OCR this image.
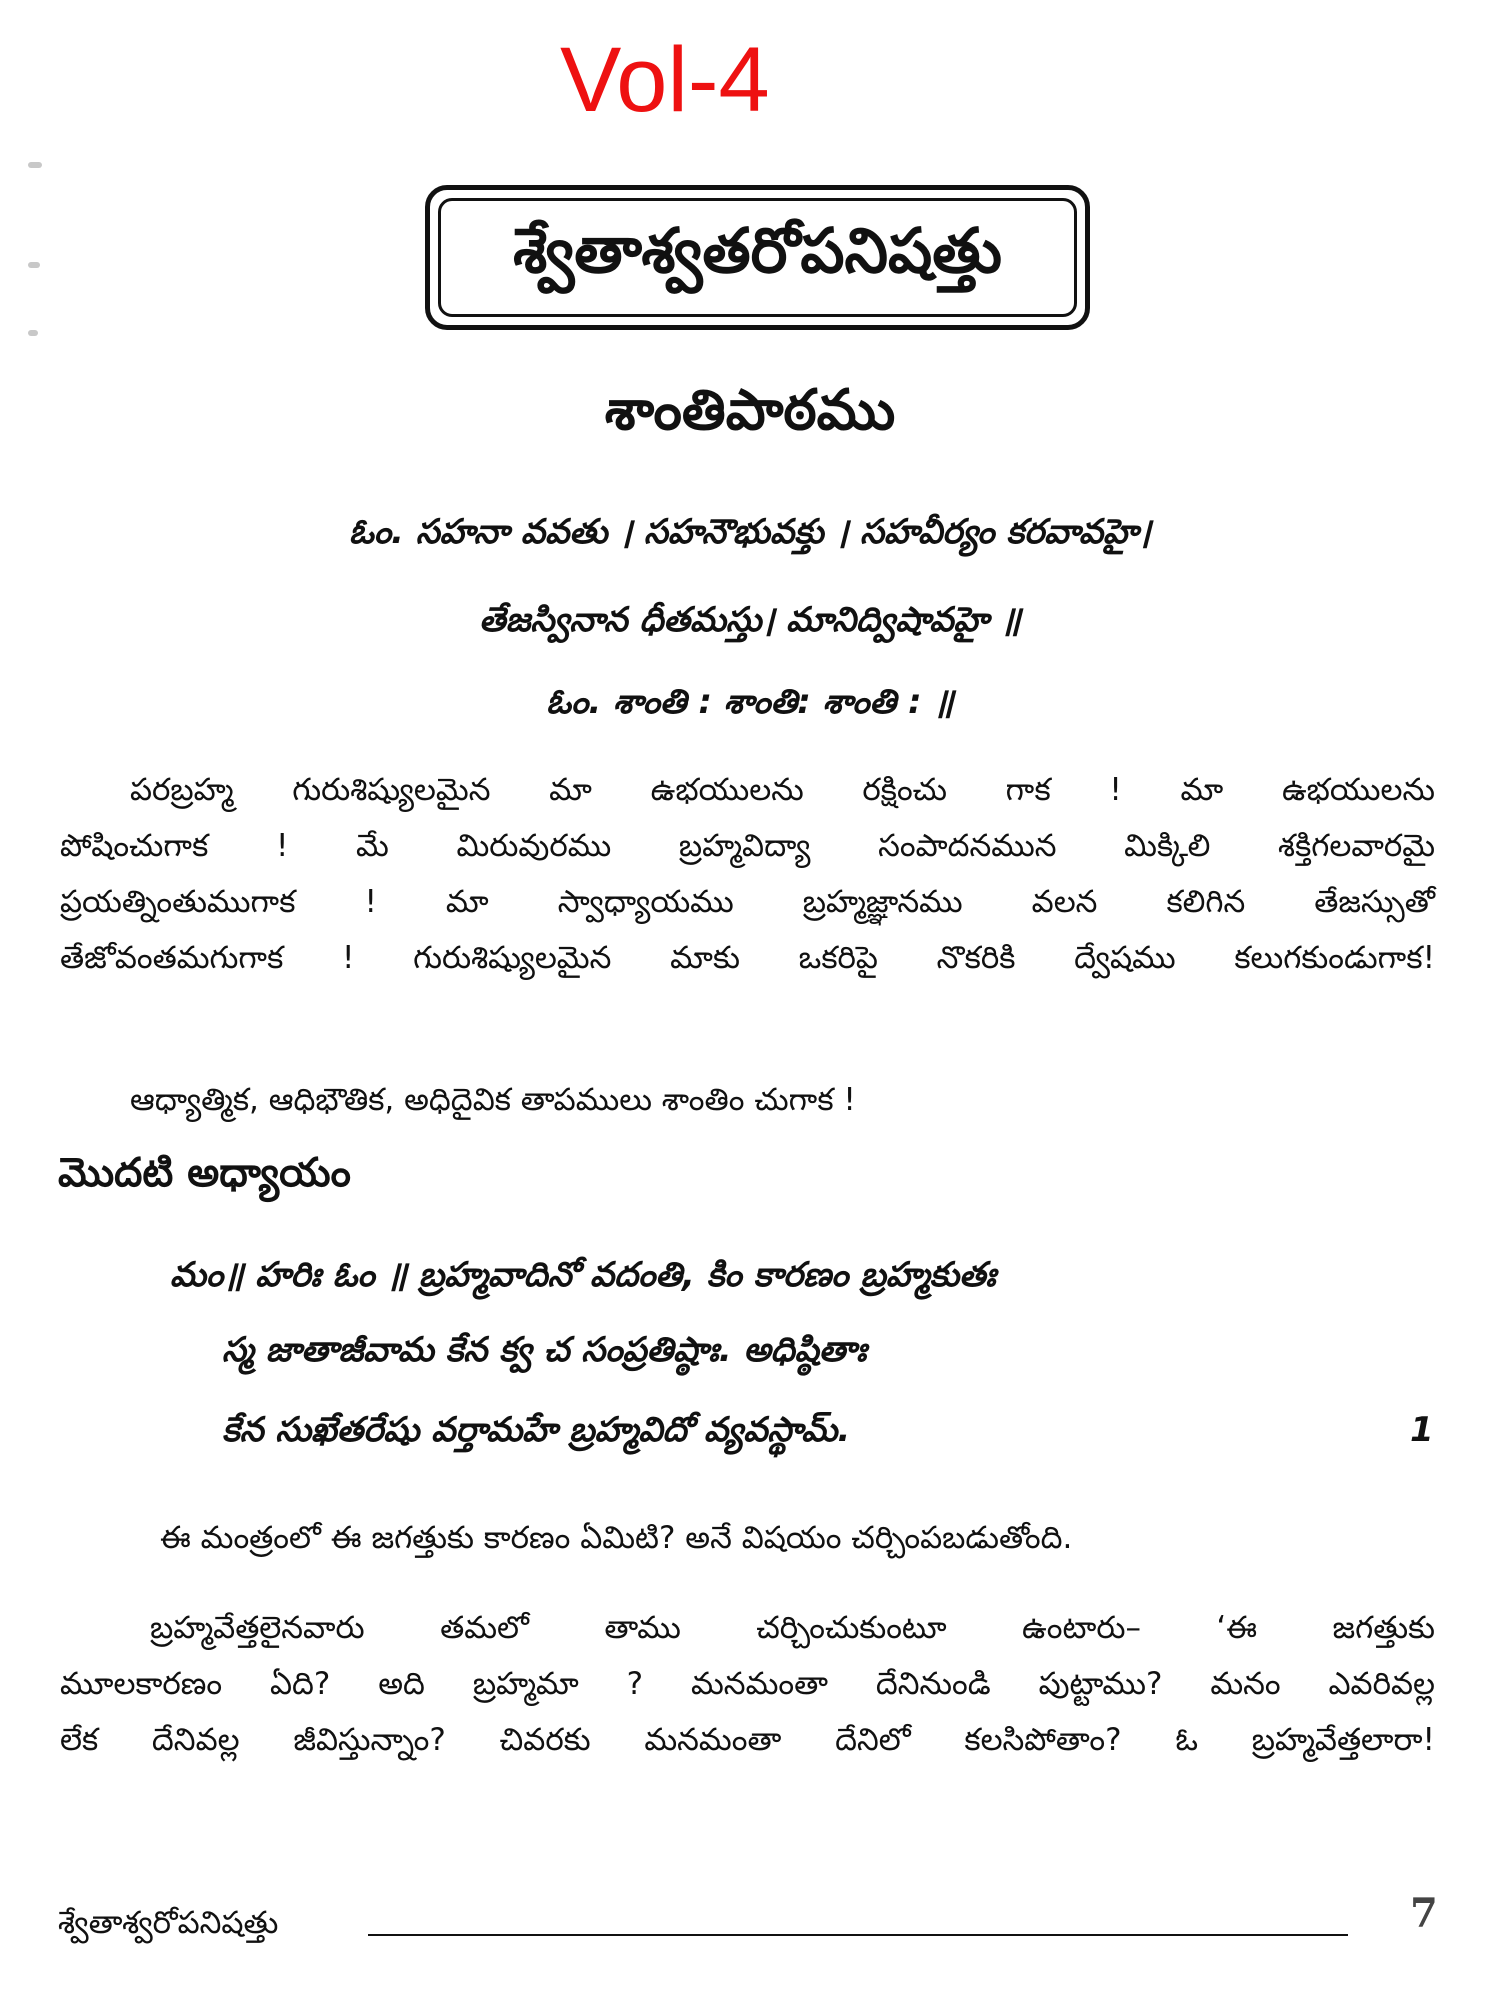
Vol-4
శ్వేతాశ్వతరోపనిషత్తు
శాంతిపాఠము
ఓం. సహనా వవతు । సహనౌభువక్తు । సహవీర్యం కరవావహై।
తేజస్వినాన ధీతమస్తు। మానిద్విషావహై ॥
ఓం. శాంతి : శాంతి: శాంతి : ॥
పరబ్రహ్మ గురుశిష్యులమైన మా ఉభయులను రక్షించు గాక ! మా ఉభయులను
పోషించుగాక ! మే మిరువురము బ్రహ్మవిద్యా సంపాదనమున మిక్కిలి శక్తిగలవారమై
ప్రయత్నింతుముగాక ! మా స్వాధ్యాయము బ్రహ్మజ్ఞానము వలన కలిగిన తేజస్సుతో
తేజోవంతమగుగాక ! గురుశిష్యులమైన మాకు ఒకరిపై నొకరికి ద్వేషము కలుగకుండుగాక!
ఆధ్యాత్మిక, ఆధిభౌతిక, అధిదైవిక తాపములు శాంతిం చుగాక !
మొదటి అధ్యాయం
మం॥ హరిః ఓం ॥ బ్రహ్మవాదినో వదంతి, కిం కారణం బ్రహ్మకుతః
స్మ జాతాజీవామ కేన క్వ చ సంప్రతిష్ఠాః. అధిష్ఠితాః
కేన సుఖేతరేషు వర్తామహే బ్రహ్మవిదో వ్యవస్థామ్.	1
ఈ మంత్రంలో ఈ జగత్తుకు కారణం ఏమిటి? అనే విషయం చర్చింపబడుతోంది.
బ్రహ్మవేత్తలైనవారు తమలో తాము చర్చించుకుంటూ ఉంటారు– ‘ఈ జగత్తుకు
మూలకారణం ఏది? అది బ్రహ్మమా ? మనమంతా దేనినుండి పుట్టాము? మనం ఎవరివల్ల
లేక దేనివల్ల జీవిస్తున్నాం? చివరకు మనమంతా దేనిలో కలసిపోతాం? ఓ బ్రహ్మవేత్తలారా!
శ్వేతాశ్వరోపనిషత్తు	7
